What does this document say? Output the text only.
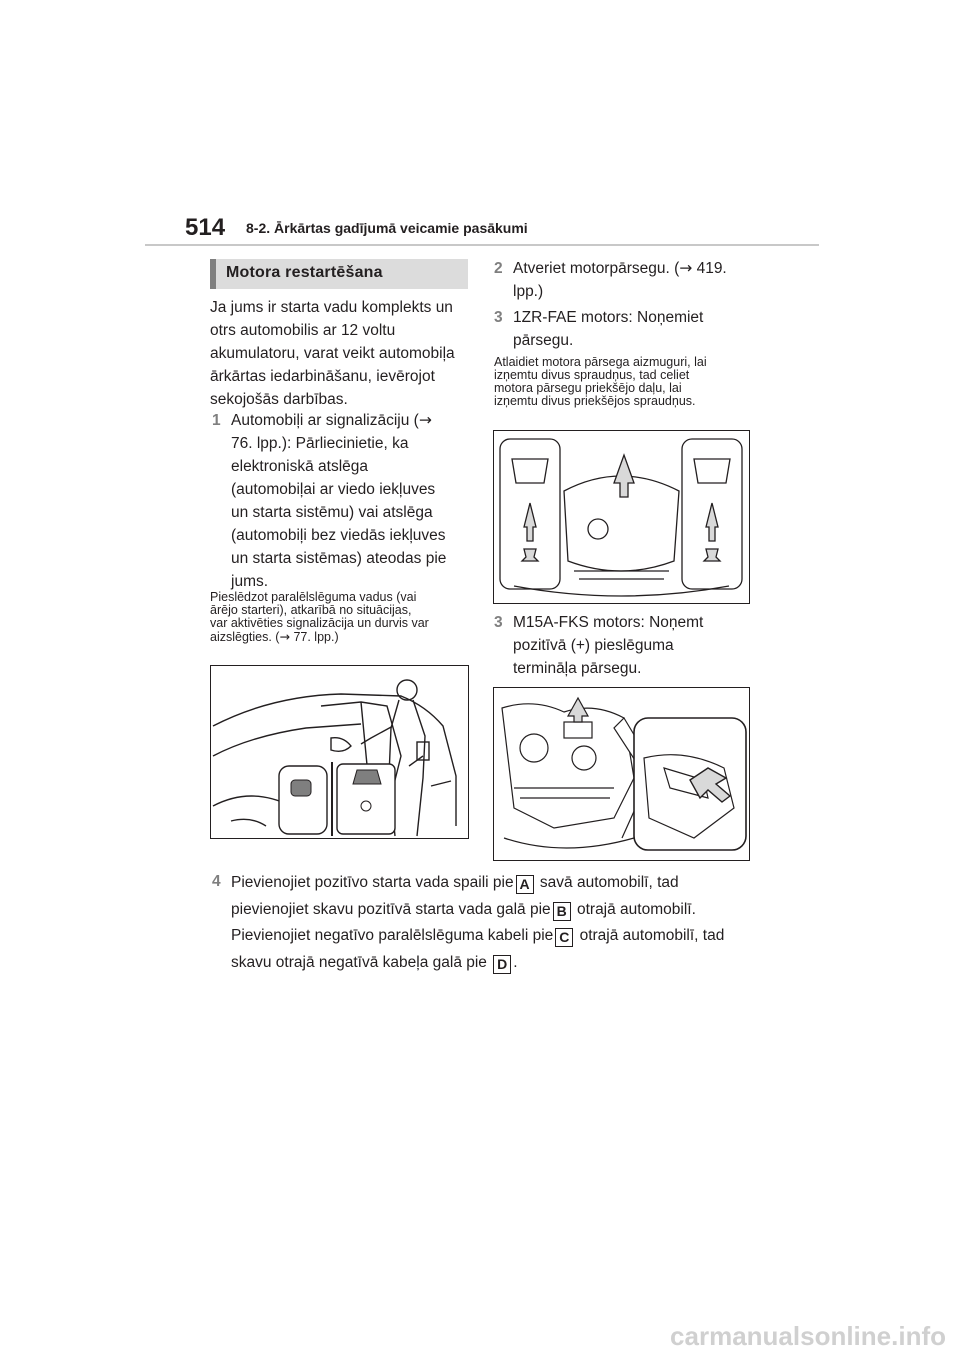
514 8-2. Ārkārtas gadījumā veicamie pasākumi
Motora restartēšana
Ja jums ir starta vadu komplekts un
otrs automobilis ar 12 voltu
akumulatoru, varat veikt automobiļa
ārkārtas iedarbināšanu, ievērojot
sekojošās darbības.
1 Automobiļi ar signalizāciju (→
76. lpp.): Pārliecinietie, ka
elektroniskā atslēga
(automobiļai ar viedo iekļuves
un starta sistēmu) vai atslēga
(automobiļi bez viedās iekļuves
un starta sistēmas) ateodas pie
jums.
Pieslēdzot paralēlslēguma vadus (vai
ārējo starteri), atkarībā no situācijas,
var aktivēties signalizācija un durvis var
aizslēgties. (→ 77. lpp.)
2 Atveriet motorpārsegu. (→ 419.
lpp.)
3 1ZR-FAE motors: Noņemiet
pārsegu.
Atlaidiet motora pārsega aizmuguri, lai
izņemtu divus spraudņus, tad celiet
motora pārsegu priekšējo daļu, lai
izņemtu divus priekšējos spraudņus.
3 M15A-FKS motors: Noņemt
pozitīvā (+) pieslēguma
termināļa pārsegu.
4 Pievienojiet pozitīvo starta vada spaili pie A savā automobilī, tad
pievienojiet skavu pozitīvā starta vada galā pie B otrajā automobilī.
Pievienojiet negatīvo paralēlslēguma kabeli pie C otrajā automobilī, tad
skavu otrajā negatīvā kabeļa galā pie D .
carmanualsonline.info
